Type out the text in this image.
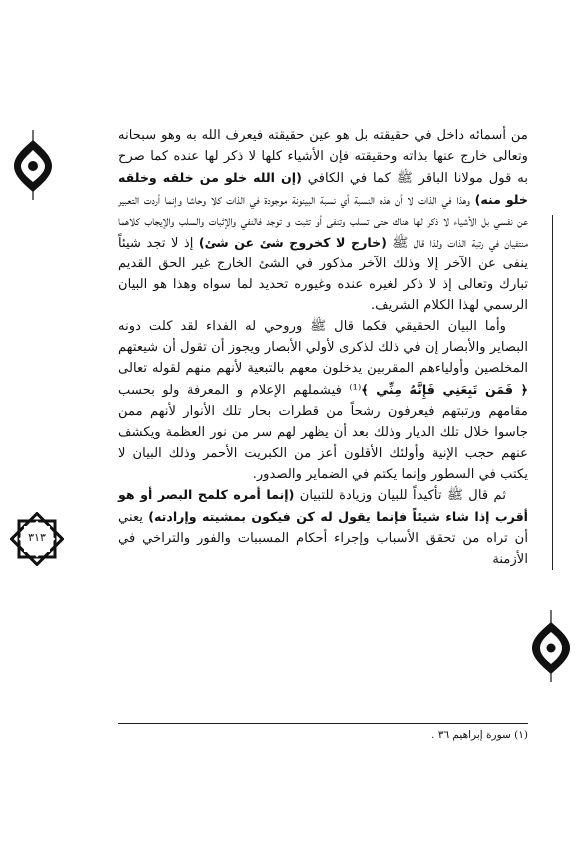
٣١٣

من أسمائه داخل في حقيقته بل هو عين حقيقته فيعرف الله به وهو سبحانه وتعالى خارج عنها بذاته وحقيقته فإن الأشياء كلها لا ذكر لها عنده كما صرح به قول مولانا الباقر ﷺ كما في الكافي (إن الله خلو من خلقه وخلقه خلو منه) وهذا في الذات لا أن هذه النسبة أي نسبة البينونة موجودة في الذات كلا وحاشا وإنما أردت التعبير عن نفسي بل الأشياء لا ذكر لها هناك حتى تسلب وتنفى أو تثبت و توجد فالنفي والإثبات والسلب والإيجاب كلاهما منتفيان في رتبة الذات ولذا قال ﷺ (خارج لا كخروج شئ عن شئ) إذ لا تجد شيئاً ينفى عن الآخر إلا وذلك الآخر مذكور في الشئ الخارج غير الحق القديم تبارك وتعالى إذ لا ذكر لغيره عنده وغيوره تحديد لما سواه وهذا هو البيان الرسمي لهذا الكلام الشريف.

وأما البيان الحقيقي فكما قال ﷺ وروحي له الفداء لقد كلت دونه البصاير والأبصار إن في ذلك لذكرى لأولي الأبصار ويجوز أن تقول أن شيعتهم المخلصين وأولياءهم المقربين يدخلون معهم بالتبعية لأنهم منهم لقوله تعالى ﴿ فَمَن تَبِعَنِي فَإِنَّهُ مِنِّي ﴾⁽¹⁾ فيشملهم الإعلام و المعرفة ولو بحسب مقامهم ورتبتهم فيعرفون رشحاً من قطرات بحار تلك الأنوار لأنهم ممن جاسوا خلال تلك الديار وذلك بعد أن يظهر لهم سر من نور العظمة ويكشف عنهم حجب الإنية وأولئك الأقلون أعز من الكبريت الأحمر وذلك البيان لا يكتب في السطور وإنما يكتم في الضماير والصدور.

ثم قال ﷺ تأكيداً للبيان وزيادة للتبيان (إنما أمره كلمح البصر أو هو أقرب إذا شاء شيئاً فإنما يقول له كن فيكون بمشيته وإرادته) يعني أن تراه من تحقق الأسباب وإجراء أحكام المسببات والفور والتراخي في الأزمنة

(١) سورة إبراهيم ٣٦ .
